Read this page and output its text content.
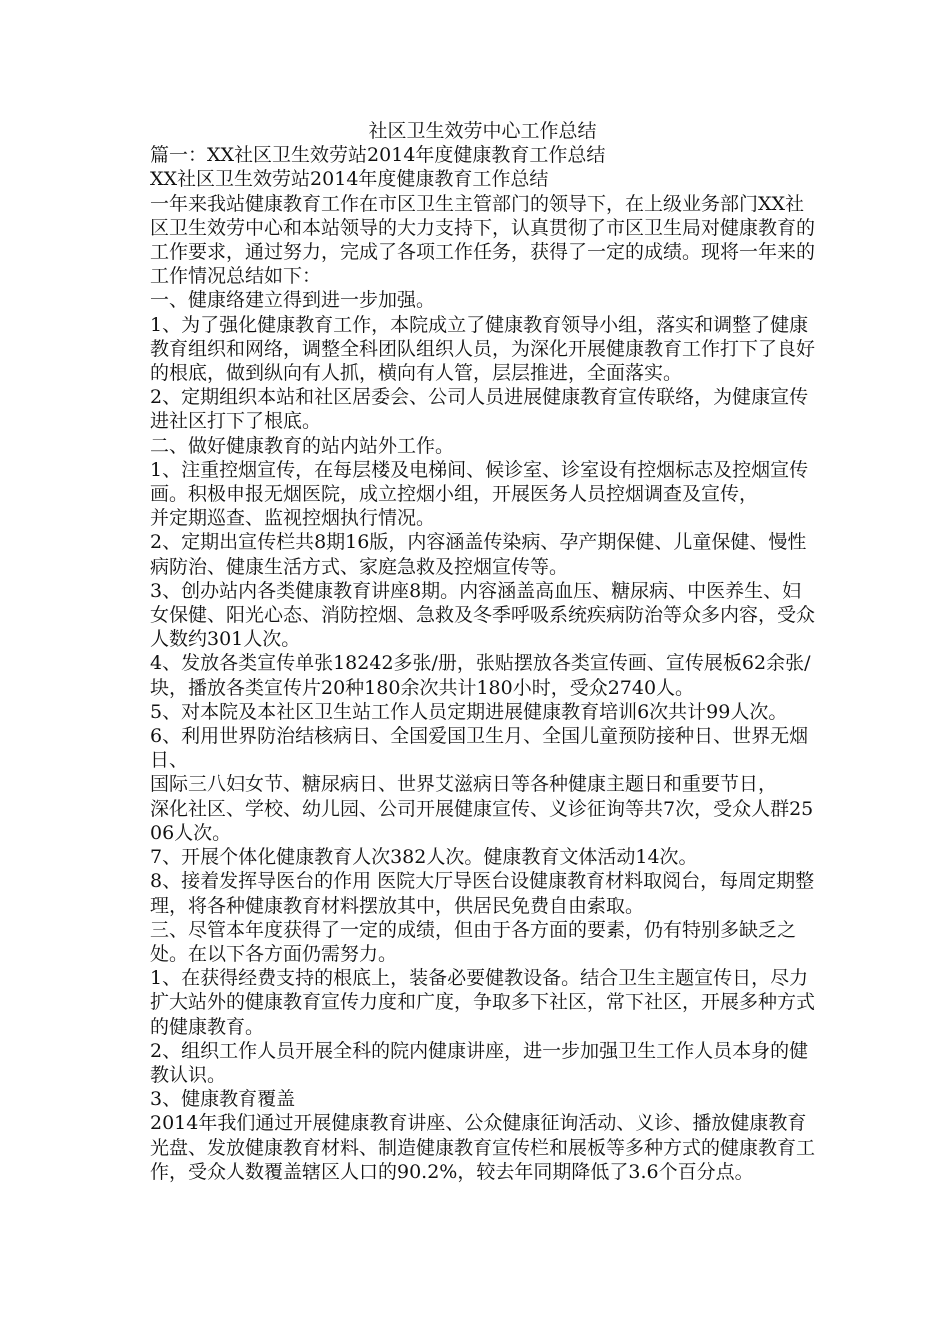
社区卫生效劳中心工作总结

篇一：XX社区卫生效劳站2014年度健康教育工作总结

XX社区卫生效劳站2014年度健康教育工作总结

一年来我站健康教育工作在市区卫生主管部门的领导下，在上级业务部门XX社区卫生效劳中心和本站领导的大力支持下，认真贯彻了市区卫生局对健康教育的工作要求，通过努力，完成了各项工作任务，获得了一定的成绩。现将一年来的工作情况总结如下：

一、健康络建立得到进一步加强。

1、为了强化健康教育工作，本院成立了健康教育领导小组，落实和调整了健康教育组织和网络，调整全科团队组织人员，为深化开展健康教育工作打下了良好的根底，做到纵向有人抓，横向有人管，层层推进，全面落实。

2、定期组织本站和社区居委会、公司人员进展健康教育宣传联络，为健康宣传进社区打下了根底。

二、做好健康教育的站内站外工作。

1、注重控烟宣传，在每层楼及电梯间、候诊室、诊室设有控烟标志及控烟宣传画。积极申报无烟医院，成立控烟小组，开展医务人员控烟调查及宣传，

并定期巡查、监视控烟执行情况。

2、定期出宣传栏共8期16版，内容涵盖传染病、孕产期保健、儿童保健、慢性病防治、健康生活方式、家庭急救及控烟宣传等。

3、创办站内各类健康教育讲座8期。内容涵盖高血压、糖尿病、中医养生、妇女保健、阳光心态、消防控烟、急救及冬季呼吸系统疾病防治等众多内容，受众人数约301人次。

4、发放各类宣传单张18242多张/册，张贴摆放各类宣传画、宣传展板62余张/块，播放各类宣传片20种180余次共计180小时，受众2740人。

5、对本院及本社区卫生站工作人员定期进展健康教育培训6次共计99人次。

6、利用世界防治结核病日、全国爱国卫生月、全国儿童预防接种日、世界无烟日、

国际三八妇女节、糖尿病日、世界艾滋病日等各种健康主题日和重要节日，

深化社区、学校、幼儿园、公司开展健康宣传、义诊征询等共7次，受众人群2506人次。

7、开展个体化健康教育人次382人次。健康教育文体活动14次。

8、接着发挥导医台的作用 医院大厅导医台设健康教育材料取阅台，每周定期整理，将各种健康教育材料摆放其中，供居民免费自由索取。

三、尽管本年度获得了一定的成绩，但由于各方面的要素，仍有特别多缺乏之处。在以下各方面仍需努力。

1、在获得经费支持的根底上，装备必要健教设备。结合卫生主题宣传日，尽力扩大站外的健康教育宣传力度和广度，争取多下社区，常下社区，开展多种方式的健康教育。

2、组织工作人员开展全科的院内健康讲座，进一步加强卫生工作人员本身的健教认识。

3、健康教育覆盖

2014年我们通过开展健康教育讲座、公众健康征询活动、义诊、播放健康教育光盘、发放健康教育材料、制造健康教育宣传栏和展板等多种方式的健康教育工作，受众人数覆盖辖区人口的90.2%，较去年同期降低了3.6个百分点。
